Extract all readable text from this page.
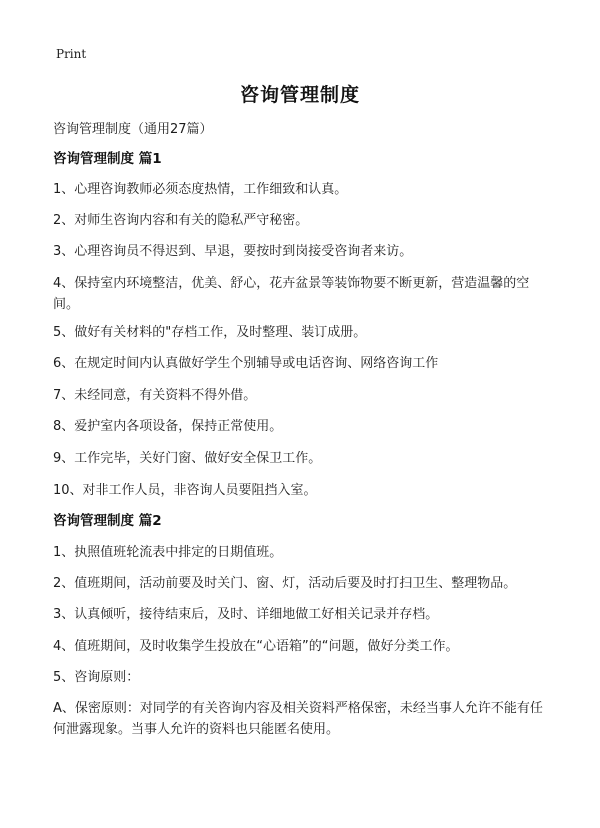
Print
咨询管理制度
咨询管理制度（通用27篇）
咨询管理制度 篇1
1、心理咨询教师必须态度热情，工作细致和认真。
2、对师生咨询内容和有关的隐私严守秘密。
3、心理咨询员不得迟到、早退，要按时到岗接受咨询者来访。
4、保持室内环境整洁，优美、舒心，花卉盆景等装饰物要不断更新，营造温馨的空间。
5、做好有关材料的"存档工作，及时整理、装订成册。
6、在规定时间内认真做好学生个别辅导或电话咨询、网络咨询工作
7、未经同意，有关资料不得外借。
8、爱护室内各项设备，保持正常使用。
9、工作完毕，关好门窗、做好安全保卫工作。
10、对非工作人员，非咨询人员要阻挡入室。
咨询管理制度 篇2
1、执照值班轮流表中排定的日期值班。
2、值班期间，活动前要及时关门、窗、灯，活动后要及时打扫卫生、整理物品。
3、认真倾听，接待结束后，及时、详细地做工好相关记录并存档。
4、值班期间，及时收集学生投放在“心语箱”的“问题，做好分类工作。
5、咨询原则：
A、保密原则：对同学的有关咨询内容及相关资料严格保密，未经当事人允许不能有任何泄露现象。当事人允许的资料也只能匿名使用。
